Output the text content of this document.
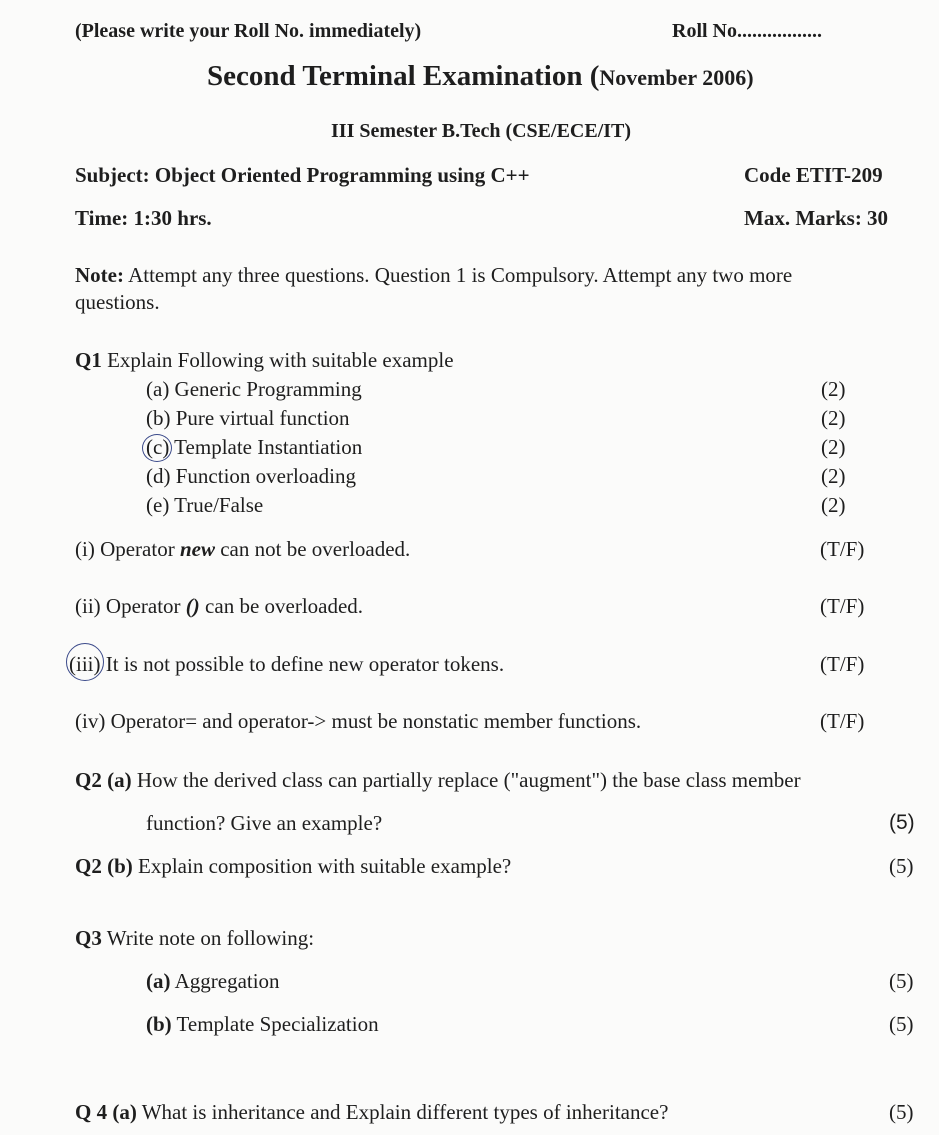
(Please write your Roll No. immediately)	Roll No.................
Second Terminal Examination (November 2006)
III Semester B.Tech (CSE/ECE/IT)
Subject: Object Oriented Programming using C++	Code ETIT-209
Time: 1:30 hrs.	Max. Marks: 30
Note: Attempt any three questions. Question 1 is Compulsory. Attempt any two more
questions.
Q1 Explain Following with suitable example
(a) Generic Programming	(2)
(b) Pure virtual function	(2)
(c) Template Instantiation	(2)
(d) Function overloading	(2)
(e) True/False	(2)
(i) Operator new can not be overloaded.	(T/F)
(ii) Operator () can be overloaded.	(T/F)
(iii) It is not possible to define new operator tokens.	(T/F)
(iv) Operator= and operator-> must be nonstatic member functions.	(T/F)
Q2 (a) How the derived class can partially replace ("augment") the base class member
function? Give an example?	(5)
Q2 (b) Explain composition with suitable example?	(5)
Q3 Write note on following:
(a) Aggregation	(5)
(b) Template Specialization	(5)
Q 4 (a) What is inheritance and Explain different types of inheritance?	(5)
